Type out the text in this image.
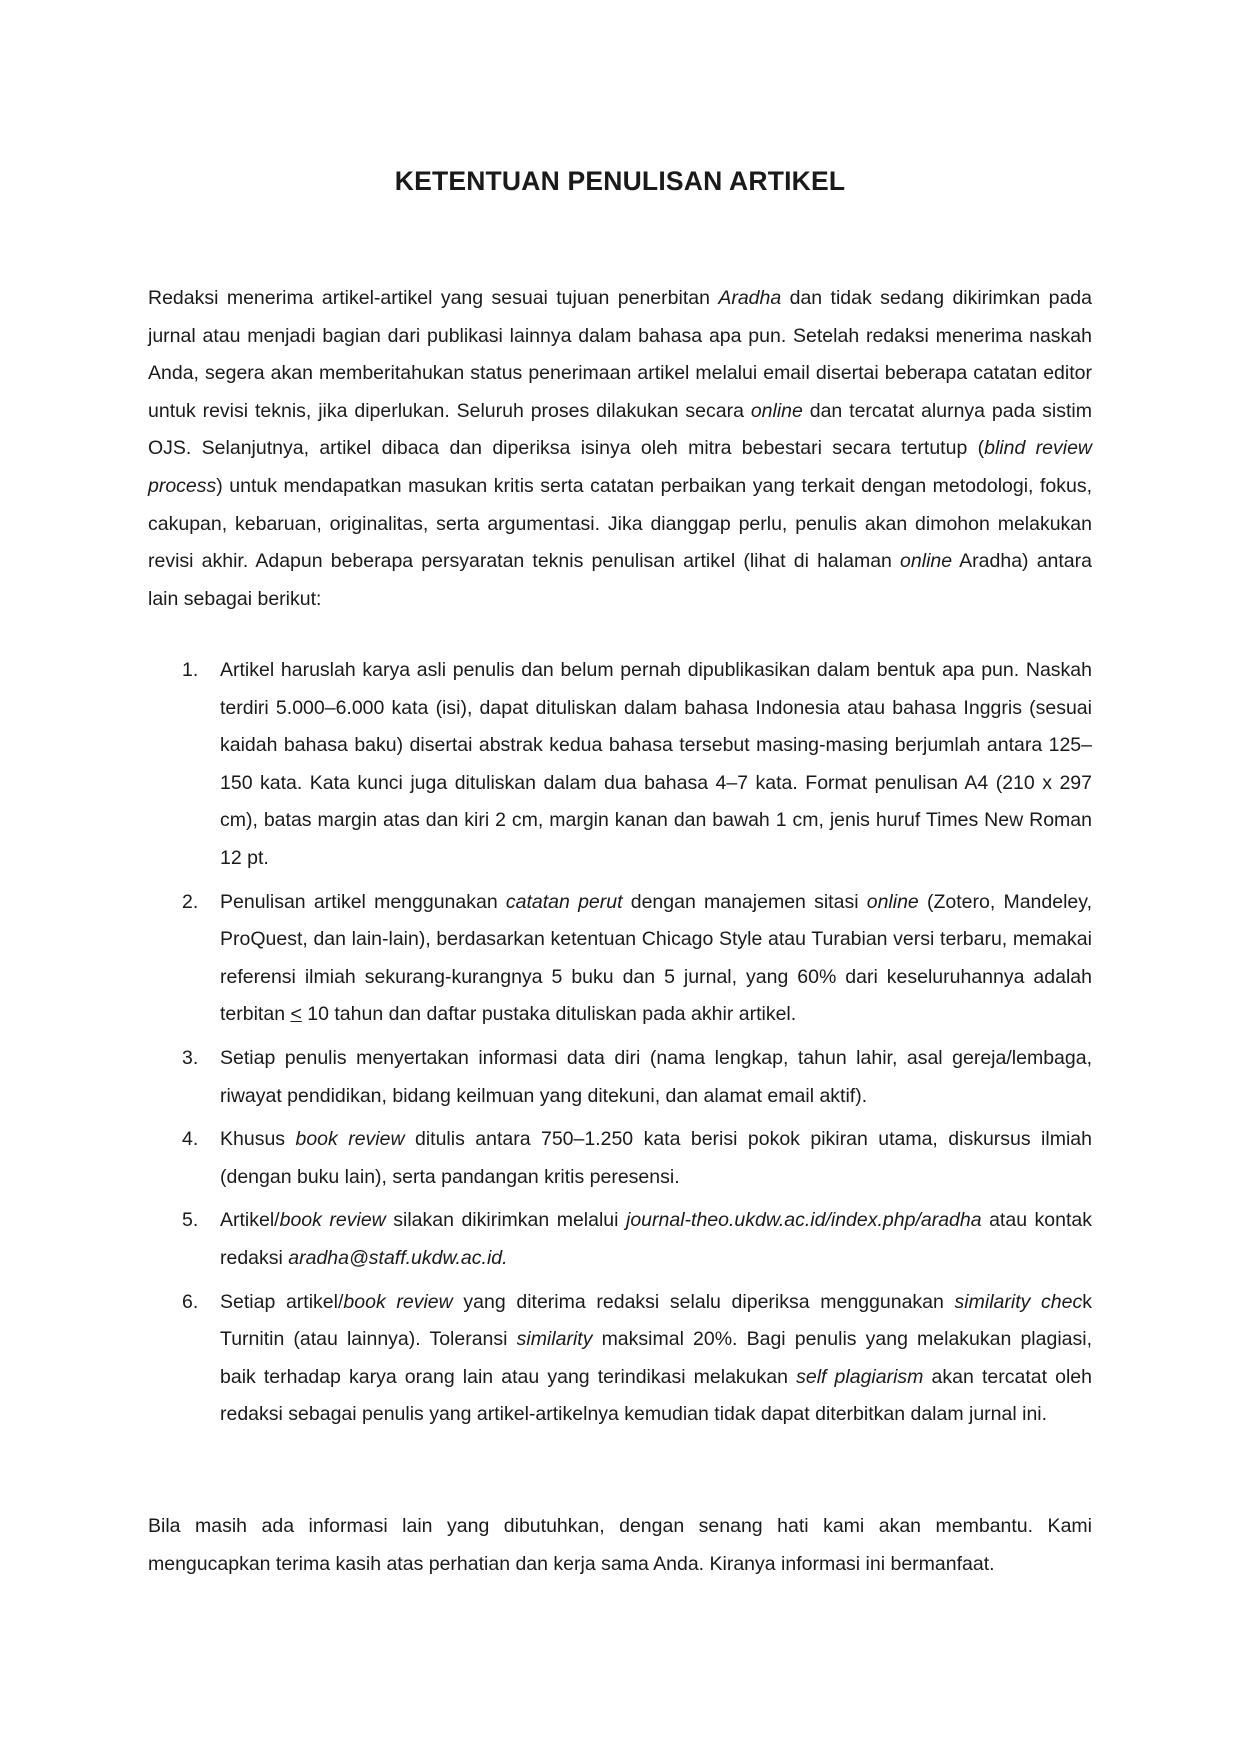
KETENTUAN PENULISAN ARTIKEL

Redaksi menerima artikel-artikel yang sesuai tujuan penerbitan Aradha dan tidak sedang dikirimkan pada jurnal atau menjadi bagian dari publikasi lainnya dalam bahasa apa pun. Setelah redaksi menerima naskah Anda, segera akan memberitahukan status penerimaan artikel melalui email disertai beberapa catatan editor untuk revisi teknis, jika diperlukan. Seluruh proses dilakukan secara online dan tercatat alurnya pada sistim OJS. Selanjutnya, artikel dibaca dan diperiksa isinya oleh mitra bebestari secara tertutup (blind review process) untuk mendapatkan masukan kritis serta catatan perbaikan yang terkait dengan metodologi, fokus, cakupan, kebaruan, originalitas, serta argumentasi. Jika dianggap perlu, penulis akan dimohon melakukan revisi akhir. Adapun beberapa persyaratan teknis penulisan artikel (lihat di halaman online Aradha) antara lain sebagai berikut:

1. Artikel haruslah karya asli penulis dan belum pernah dipublikasikan dalam bentuk apa pun. Naskah terdiri 5.000–6.000 kata (isi), dapat dituliskan dalam bahasa Indonesia atau bahasa Inggris (sesuai kaidah bahasa baku) disertai abstrak kedua bahasa tersebut masing-masing berjumlah antara 125–150 kata. Kata kunci juga dituliskan dalam dua bahasa 4–7 kata. Format penulisan A4 (210 x 297 cm), batas margin atas dan kiri 2 cm, margin kanan dan bawah 1 cm, jenis huruf Times New Roman 12 pt.
2. Penulisan artikel menggunakan catatan perut dengan manajemen sitasi online (Zotero, Mandeley, ProQuest, dan lain-lain), berdasarkan ketentuan Chicago Style atau Turabian versi terbaru, memakai referensi ilmiah sekurang-kurangnya 5 buku dan 5 jurnal, yang 60% dari keseluruhannya adalah terbitan ≤ 10 tahun dan daftar pustaka dituliskan pada akhir artikel.
3. Setiap penulis menyertakan informasi data diri (nama lengkap, tahun lahir, asal gereja/lembaga, riwayat pendidikan, bidang keilmuan yang ditekuni, dan alamat email aktif).
4. Khusus book review ditulis antara 750–1.250 kata berisi pokok pikiran utama, diskursus ilmiah (dengan buku lain), serta pandangan kritis peresensi.
5. Artikel/book review silakan dikirimkan melalui journal-theo.ukdw.ac.id/index.php/aradha atau kontak redaksi aradha@staff.ukdw.ac.id.
6. Setiap artikel/book review yang diterima redaksi selalu diperiksa menggunakan similarity check Turnitin (atau lainnya). Toleransi similarity maksimal 20%. Bagi penulis yang melakukan plagiasi, baik terhadap karya orang lain atau yang terindikasi melakukan self plagiarism akan tercatat oleh redaksi sebagai penulis yang artikel-artikelnya kemudian tidak dapat diterbitkan dalam jurnal ini.

Bila masih ada informasi lain yang dibutuhkan, dengan senang hati kami akan membantu. Kami mengucapkan terima kasih atas perhatian dan kerja sama Anda. Kiranya informasi ini bermanfaat.
